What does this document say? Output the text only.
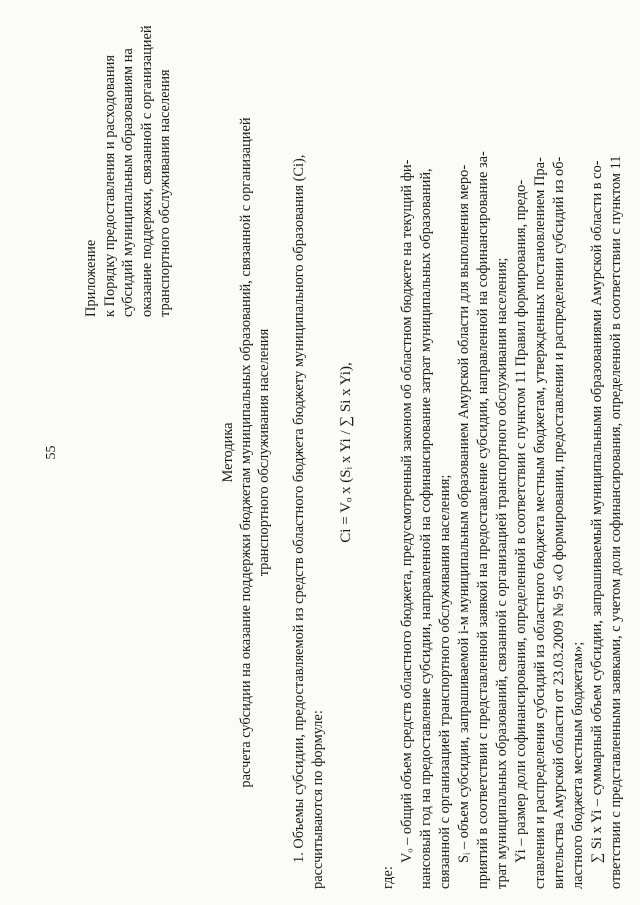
55
Приложение к Порядку предоставления и расходования субсидий муниципальным образованиям на оказание поддержки, связанной с организацией транспортного обслуживания населения
Методика расчета субсидии на оказание поддержки бюджетам муниципальных образований, связанной с организацией транспортного обслуживания населения 1. Объемы субсидии, предоставляемой из средств областного бюджета бюджету муниципального образования (Ci), рассчитываются по формуле:
Ci = Vₒ x (Sᵢ x Yi / ∑ Si x Yi),
где:
Vₒ – общий объем средств областного бюджета, предусмотренный законом об областном бюджете на текущий фи- нансовый год на предоставление субсидии, направленной на софинансирование затрат муниципальных образований, связанной с организацией транспортного обслуживания населения; Sᵢ – объем субсидии, запрашиваемой i-м муниципальным образованием Амурской области для выполнения меро- приятий в соответствии с представленной заявкой на предоставление субсидии, направленной на софинансирование за- трат муниципальных образований, связанной с организацией транспортного обслуживания населения; Yi – размер доли софинансирования, определенной в соответствии с пунктом 11 Правил формирования, предо- ставления и распределения субсидий из областного бюджета местным бюджетам, утвержденных постановлением Пра- вительства Амурской области от 23.03.2009 № 95 «О формировании, предоставлении и распределении субсидий из об- ластного бюджета местным бюджетам»; ∑ Si x Yi – суммарный объем субсидии, запрашиваемый муниципальными образованиями Амурской области в со- ответствии с представленными заявками, с учетом доли софинансирования, определенной в соответствии с пунктом 11
